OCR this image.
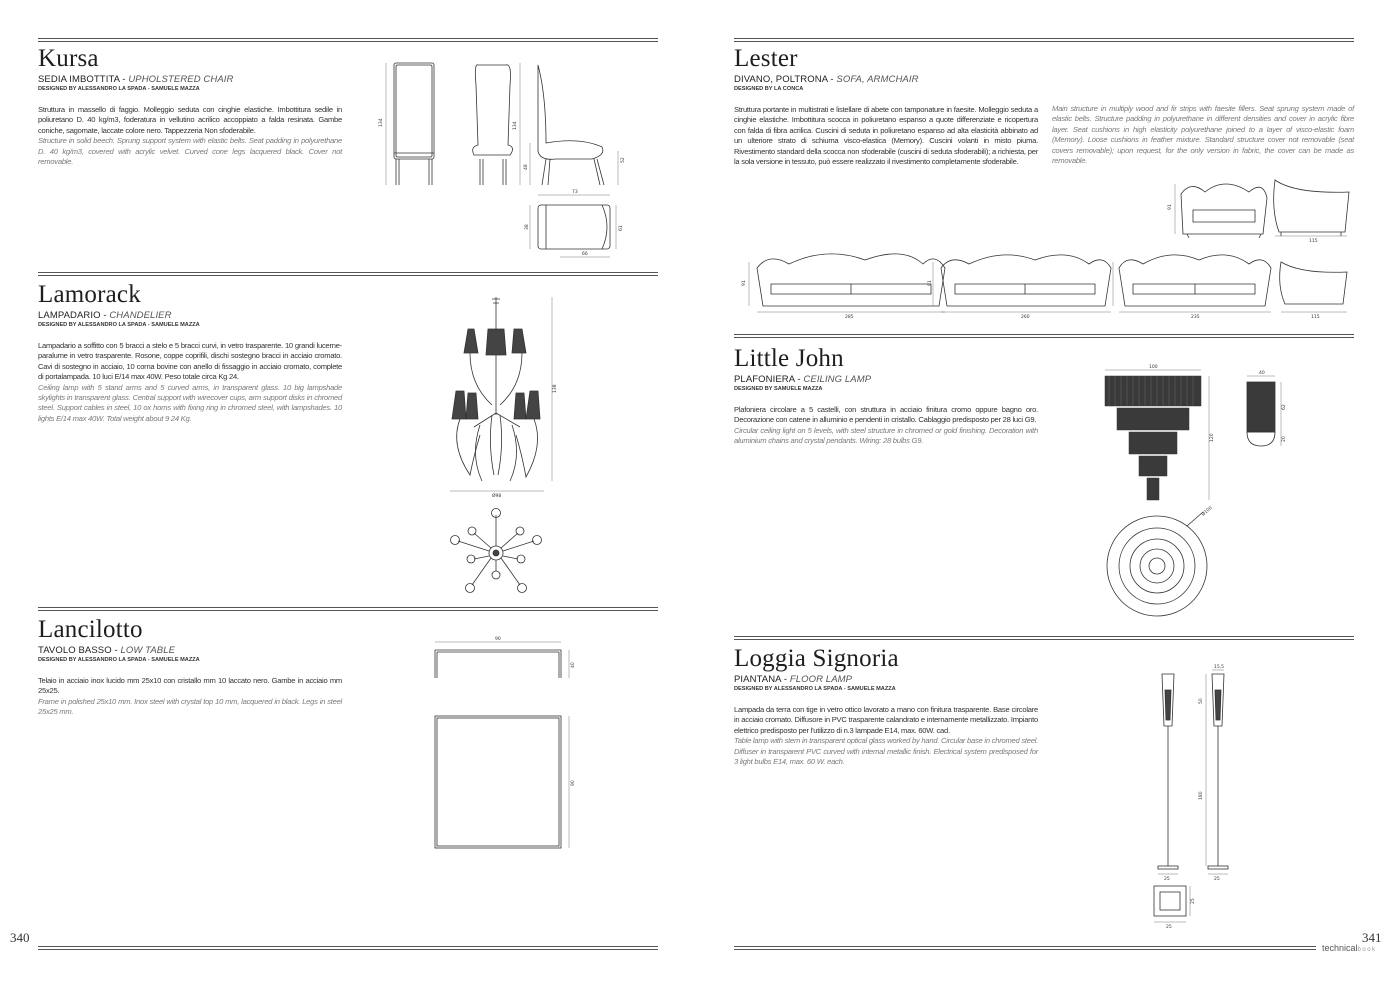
Kursa

SEDIA IMBOTTITA - UPHOLSTERED CHAIR

DESIGNED BY ALESSANDRO LA SPADA - SAMUELE MAZZA

Struttura in massello di faggio. Molleggio seduta con cinghie elastiche. Imbottitura sedile in poliuretano D. 40 kg/m3, foderatura in vellutino acrilico accoppiato a falda resinata. Gambe coniche, sagomate, laccate colore nero. Tappezzeria Non sfoderabile.

Structure in solid beech. Sprung support system with elastic belts. Seat padding in polyurethane D. 40 kg/m3, covered with acrylic velvet. Curved cone legs lacquered black. Cover not removable.

134	134
48
52
73
38	61
66
Lamorack

LAMPADARIO - CHANDELIER

DESIGNED BY ALESSANDRO LA SPADA - SAMUELE MAZZA

Lampadario a soffitto con 5 bracci a stelo e 5 bracci curvi, in vetro trasparente. 10 grandi lucerne-paralume in vetro trasparente. Rosone, coppe coprifili, dischi sostegno bracci in acciaio cromato. Cavi di sostegno in acciaio, 10 corna bovine con anello di fissaggio in acciaio cromato, complete di portalampada. 10 luci E/14 max 40W. Peso totale circa Kg 24.

Ceiling lamp with 5 stand arms and 5 curved arms, in transparent glass. 10 big lampshade skylights in transparent glass. Central support with wirecover cups, arm support disks in chromed steel. Support cables in steel, 10 ox horns with fixing ring in chromed steel, with lampshades. 10 lights E/14 max 40W. Total weight about 9 24 Kg.

138
Ø98
Lancilotto

TAVOLO BASSO - LOW TABLE

DESIGNED BY ALESSANDRO LA SPADA - SAMUELE MAZZA

Telaio in acciaio inox lucido mm 25x10 con cristallo mm 10 laccato nero. Gambe in acciaio mm 25x25.

Frame in polished 25x10 mm. Inox steel with crystal top 10 mm, lacquered in black. Legs in steel 25x25 mm.

90
40
90
340
Lester

DIVANO, POLTRONA - SOFA, ARMCHAIR

DESIGNED BY LA CONCA

Struttura portante in multistrati e listellare di abete con tamponature in faesite. Molleggio seduta a cinghie elastiche. Imbottitura scocca in poliuretano espanso a quote differenziate e ricopertura con falda di fibra acrilica. Cuscini di seduta in poliuretano espanso ad alta elasticità abbinato ad un ulteriore strato di schiuma visco-elastica (Memory). Cuscini volanti in misto piuma. Rivestimento standard della scocca non sfoderabile (cuscini di seduta sfoderabili); a richiesta, per la sola versione in tessuto, può essere realizzato il rivestimento completamente sfoderabile.

Main structure in multiply wood and fir strips with faesite fillers. Seat sprung system made of elastic belts. Structure padding in polyurethane in different densities and cover in acrylic fibre layer. Seat cushions in high elasticity polyurethane joined to a layer of visco-elastic foam (Memory). Loose cushions in feather mixture. Standard structure cover not removable (seat covers removable); upon request, for the only version in fabric, the cover can be made as removable.

91
115
91
285
91
260	235	115
Little John

PLAFONIERA - CEILING LAMP

DESIGNED BY SAMUELE MAZZA

Plafoniera circolare a 5 castelli, con struttura in acciaio finitura cromo oppure bagno oro. Decorazione con catene in alluminio e pendenti in cristallo. Cablaggio predisposto per 28 luci G9.

Circular ceiling light on 5 levels, with steel structure in chromed or gold finishing. Decoration with aluminium chains and crystal pendants. Wiring: 28 bulbs G9.

100
120
40
62
20
Ø100
Loggia Signoria

PIANTANA - FLOOR LAMP

DESIGNED BY ALESSANDRO LA SPADA - SAMUELE MAZZA

Lampada da terra con tige in vetro ottico lavorato a mano con finitura trasparente. Base circolare in acciaio cromato. Diffusore in PVC trasparente calandrato e internamente metallizzato. Impianto elettrico predisposto per l'utilizzo di n.3 lampade E14, max. 60W. cad.

Table lamp with stem in transparent optical glass worked by hand. Circular base in chromed steel. Diffuser in transparent PVC curved with internal metallic finish. Electrical system predisposed for 3 light bulbs E14, max. 60 W. each.

15,5
50
180
25	25
25
25
341
technicalbook
